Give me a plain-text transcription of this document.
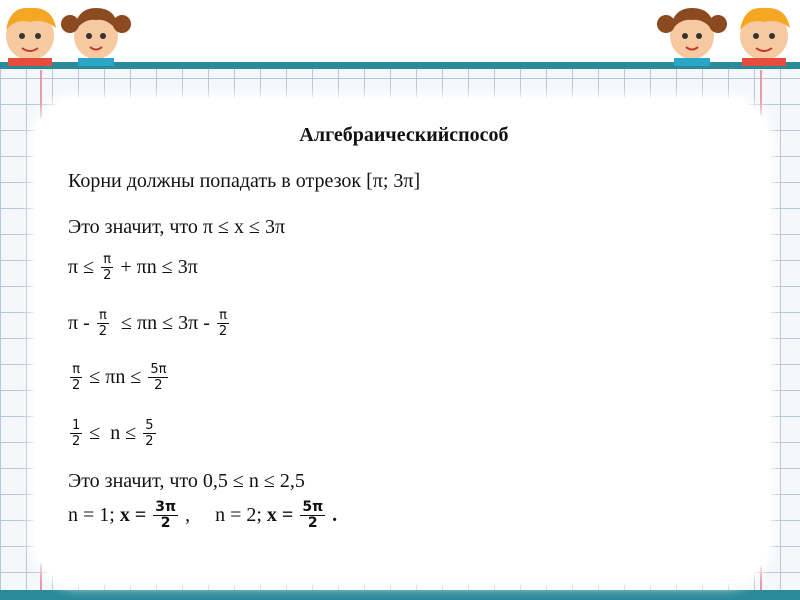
Алгебраическийспособ
Корни должны попадать в отрезок [π; 3π]
Это значит, что π ≤ x ≤ 3π
$\pi \le \frac{\pi}{2} + \pi n \le 3\pi$
$\pi - \frac{\pi}{2} \le \pi n \le 3\pi - \frac{\pi}{2}$
$\frac{\pi}{2} \le \pi n \le \frac{5\pi}{2}$
$\frac{1}{2} \le n \le \frac{5}{2}$
Это значит, что 0,5 ≤ n ≤ 2,5
n = 1; $x = \frac{3\pi}{2}$ ,     n = 2; $x = \frac{5\pi}{2}$ .
